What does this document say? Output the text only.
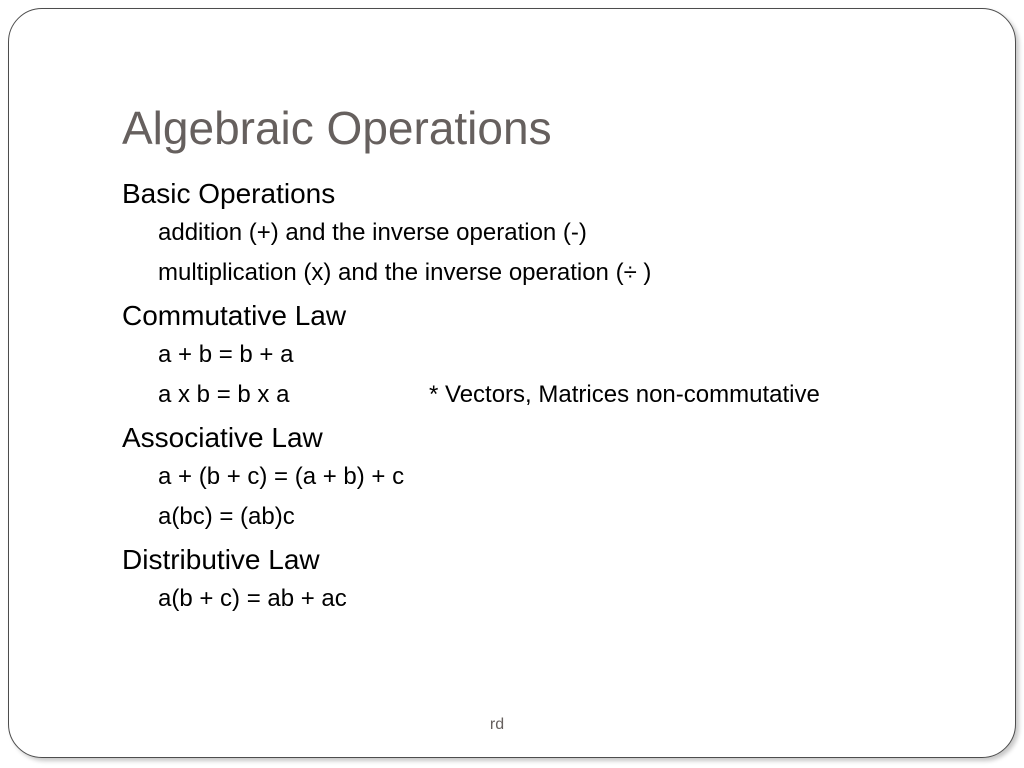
Algebraic Operations
Basic Operations
addition (+) and the inverse operation (-)
multiplication (x) and the inverse operation (÷ )
Commutative Law
a + b = b + a
a x b = b x a	* Vectors, Matrices non-commutative
Associative Law
a + (b + c) = (a + b) + c
a(bc) = (ab)c
Distributive Law
a(b + c) = ab + ac
rd
